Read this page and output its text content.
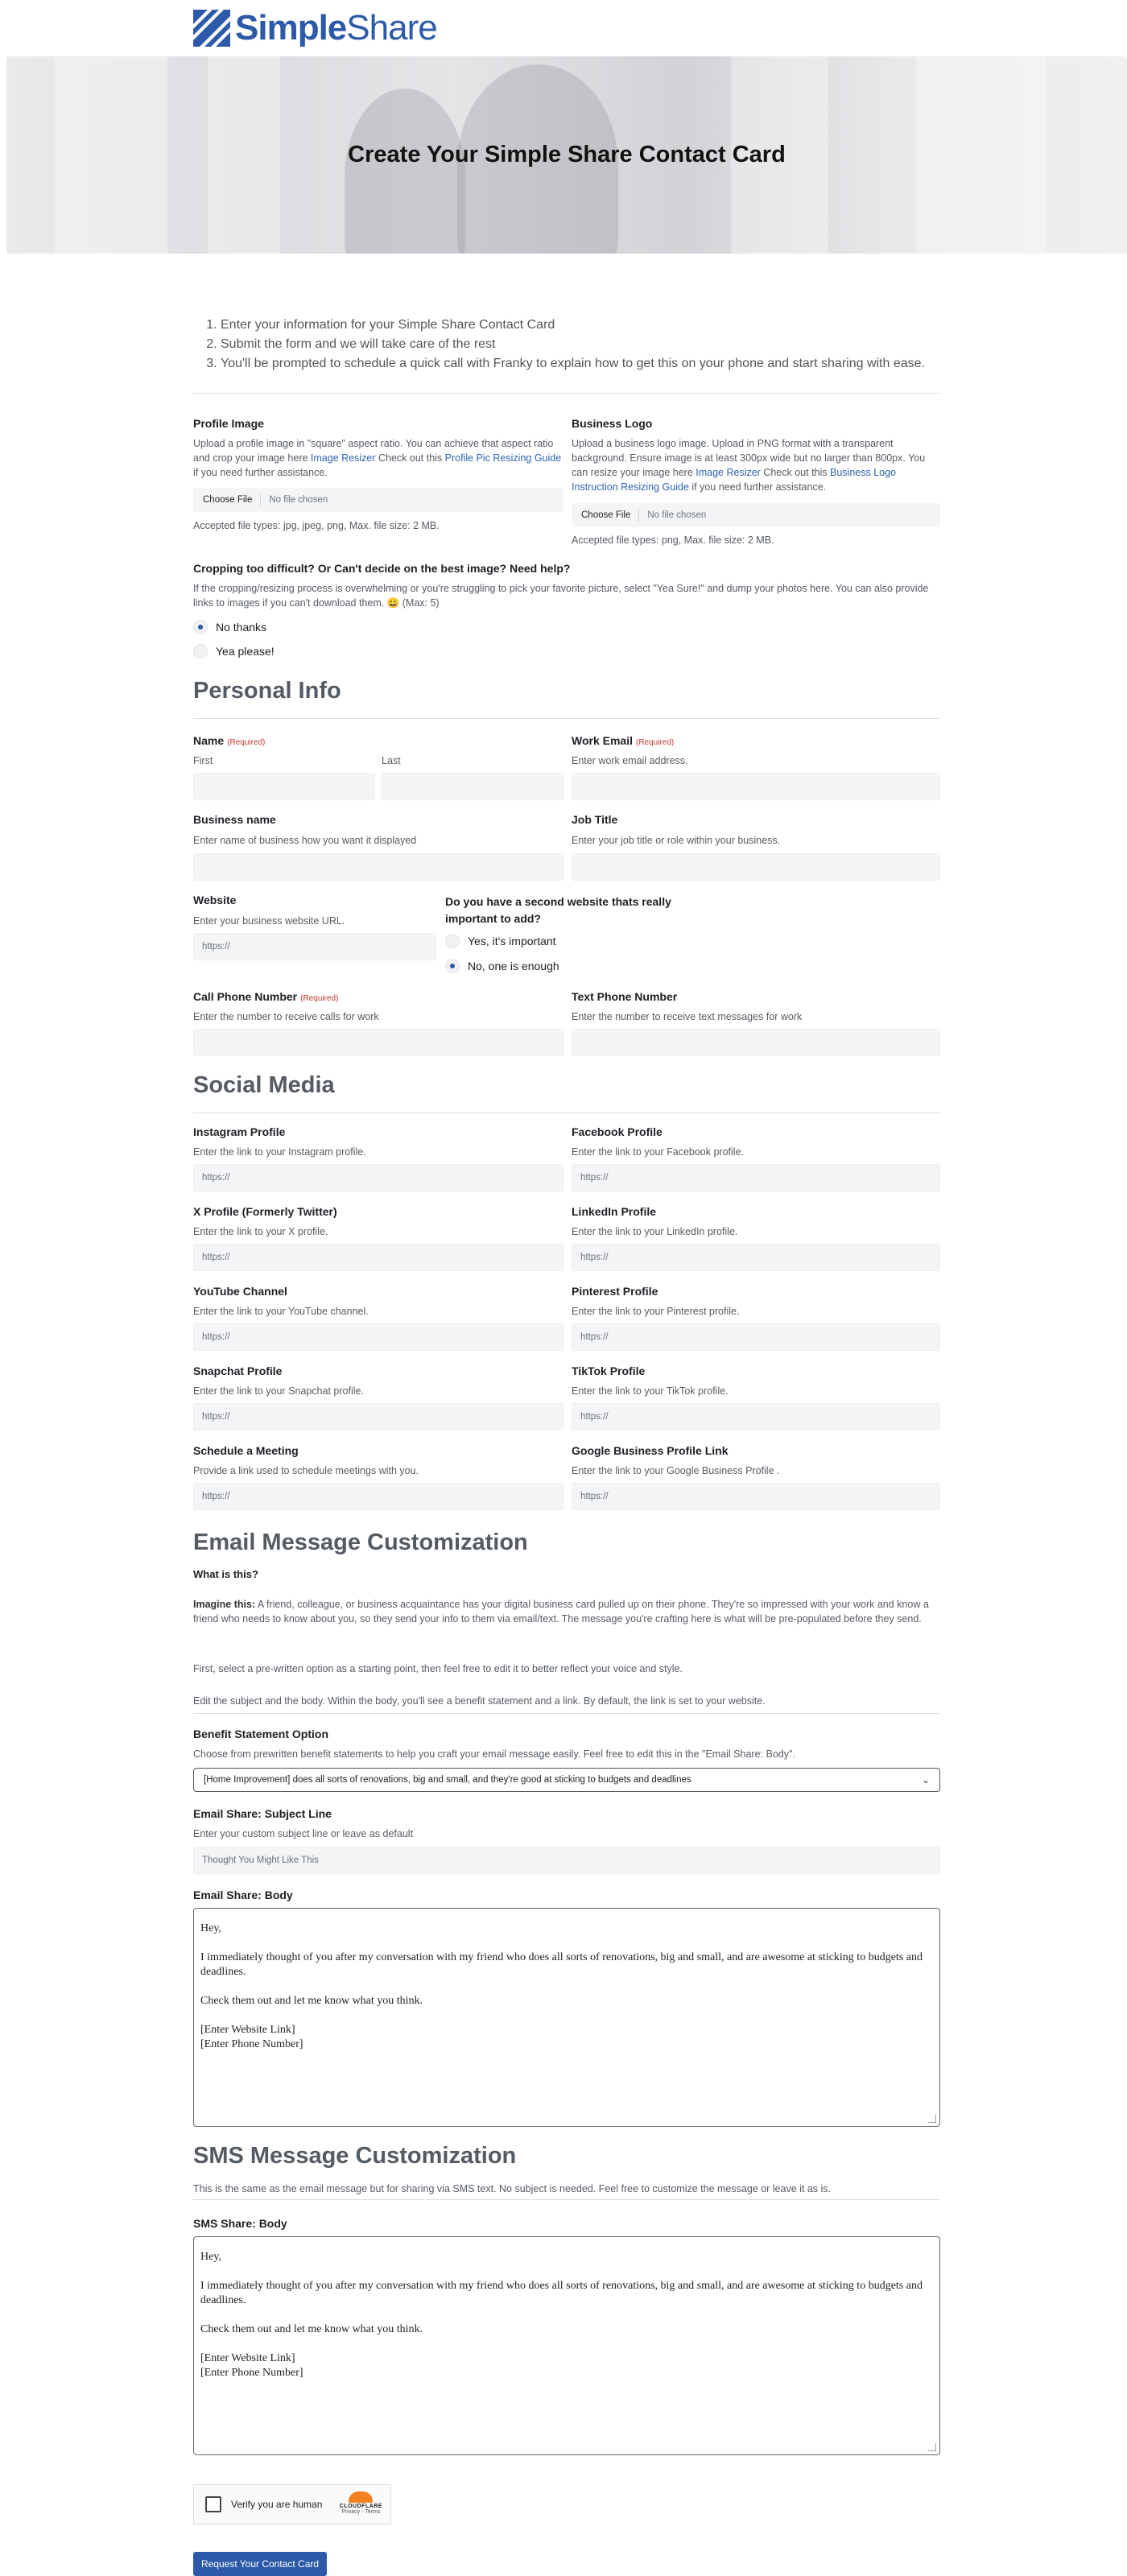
SimpleShare
Create Your Simple Share Contact Card
1. Enter your information for your Simple Share Contact Card
2. Submit the form and we will take care of the rest
3. You'll be prompted to schedule a quick call with Franky to explain how to get this on your phone and start sharing with ease.
Profile Image
Upload a profile image in "square" aspect ratio. You can achieve that aspect ratio and crop your image here Image Resizer Check out this Profile Pic Resizing Guide if you need further assistance.
Choose File	No file chosen
Accepted file types: jpg, jpeg, png, Max. file size: 2 MB.
Business Logo
Upload a business logo image. Upload in PNG format with a transparent background. Ensure image is at least 300px wide but no larger than 800px. You can resize your image here Image Resizer Check out this Business Logo Instruction Resizing Guide if you need further assistance.
Choose File	No file chosen
Accepted file types: png, Max. file size: 2 MB.
Cropping too difficult? Or Can't decide on the best image? Need help?
If the cropping/resizing process is overwhelming or you're struggling to pick your favorite picture, select "Yea Sure!" and dump your photos here. You can also provide links to images if you can't download them. 😀 (Max: 5)
No thanks
Yea please!
Personal Info
Name (Required)
First	Last
Work Email (Required)
Enter work email address.
Business name
Enter name of business how you want it displayed
Job Title
Enter your job title or role within your business.
Website
Enter your business website URL.
https://
Do you have a second website thats really important to add?
Yes, it's important
No, one is enough
Call Phone Number (Required)
Enter the number to receive calls for work
Text Phone Number
Enter the number to receive text messages for work
Social Media
Instagram Profile
Enter the link to your Instagram profile.
https://
Facebook Profile
Enter the link to your Facebook profile.
https://
X Profile (Formerly Twitter)
Enter the link to your X profile.
https://
LinkedIn Profile
Enter the link to your LinkedIn profile.
https://
YouTube Channel
Enter the link to your YouTube channel.
https://
Pinterest Profile
Enter the link to your Pinterest profile.
https://
Snapchat Profile
Enter the link to your Snapchat profile.
https://
TikTok Profile
Enter the link to your TikTok profile.
https://
Schedule a Meeting
Provide a link used to schedule meetings with you.
https://
Google Business Profile Link
Enter the link to your Google Business Profile .
https://
Email Message Customization
What is this?
Imagine this: A friend, colleague, or business acquaintance has your digital business card pulled up on their phone. They're so impressed with your work and know a friend who needs to know about you, so they send your info to them via email/text. The message you're crafting here is what will be pre-populated before they send.
First, select a pre-written option as a starting point, then feel free to edit it to better reflect your voice and style.
Edit the subject and the body. Within the body, you'll see a benefit statement and a link. By default, the link is set to your website.
Benefit Statement Option
Choose from prewritten benefit statements to help you craft your email message easily. Feel free to edit this in the "Email Share: Body".
[Home Improvement] does all sorts of renovations, big and small, and they're good at sticking to budgets and deadlines	⌄
Email Share: Subject Line
Enter your custom subject line or leave as default
Thought You Might Like This
Email Share: Body

Hey,

I immediately thought of you after my conversation with my friend who does all sorts of renovations, big and small, and are awesome at sticking to budgets and deadlines.

Check them out and let me know what you think.

[Enter Website Link]
[Enter Phone Number]
SMS Message Customization
This is the same as the email message but for sharing via SMS text. No subject is needed. Feel free to customize the message or leave it as is.
SMS Share: Body

Hey,

I immediately thought of you after my conversation with my friend who does all sorts of renovations, big and small, and are awesome at sticking to budgets and deadlines.

Check them out and let me know what you think.

[Enter Website Link]
[Enter Phone Number]
Verify you are human	CLOUDFLARE
Privacy - Terms
Request Your Contact Card
